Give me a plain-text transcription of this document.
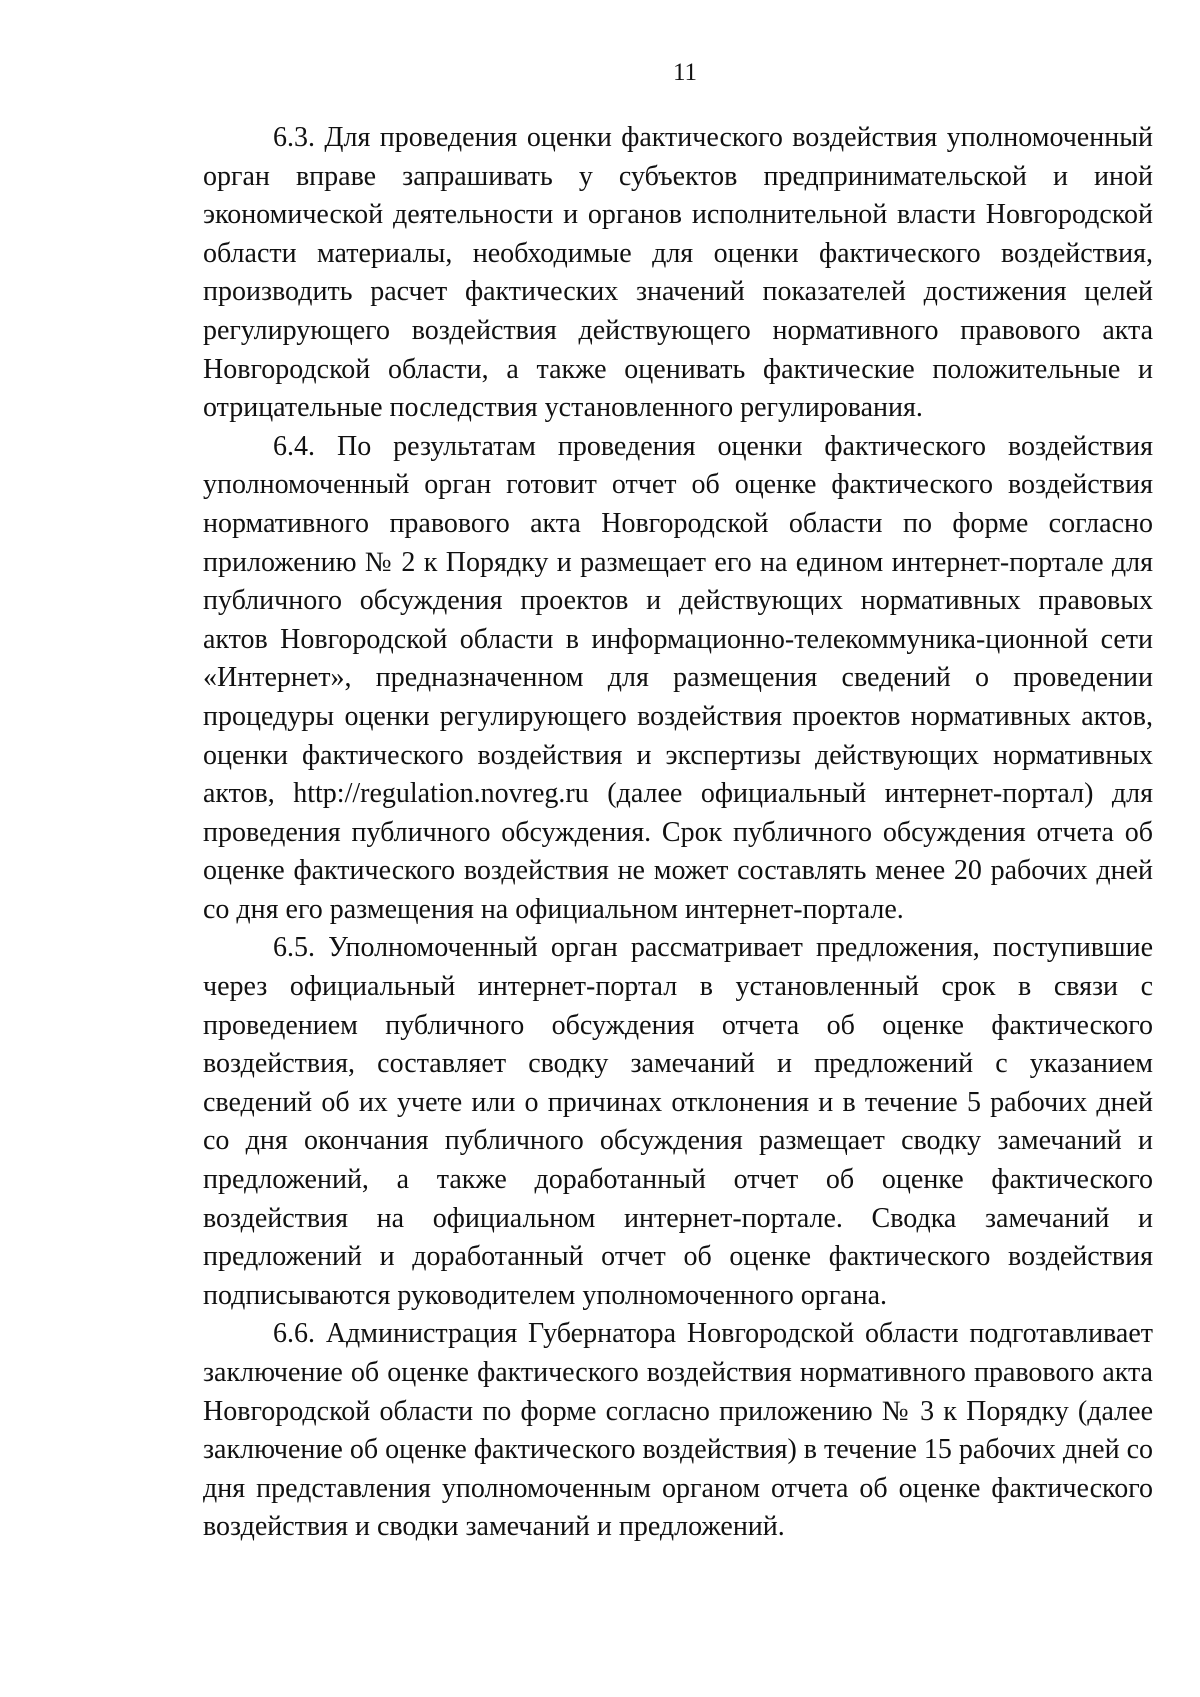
11

6.3. Для проведения оценки фактического воздействия уполномоченный орган вправе запрашивать у субъектов предпринимательской и иной экономической деятельности и органов исполнительной власти Новгородской области материалы, необходимые для оценки фактического воздействия, производить расчет фактических значений показателей достижения целей регулирующего воздействия действующего нормативного правового акта Новгородской области, а также оценивать фактические положительные и отрицательные последствия установленного регулирования.

6.4. По результатам проведения оценки фактического воздействия уполномоченный орган готовит отчет об оценке фактического воздействия нормативного правового акта Новгородской области по форме согласно приложению № 2 к Порядку и размещает его на едином интернет-портале для публичного обсуждения проектов и действующих нормативных правовых актов Новгородской области в информационно-телекоммуника-ционной сети «Интернет», предназначенном для размещения сведений о проведении процедуры оценки регулирующего воздействия проектов нормативных актов, оценки фактического воздействия и экспертизы действующих нормативных актов, http://regulation.novreg.ru (далее официальный интернет-портал) для проведения публичного обсуждения. Срок публичного обсуждения отчета об оценке фактического воздействия не может составлять менее 20 рабочих дней со дня его размещения на официальном интернет-портале.

6.5. Уполномоченный орган рассматривает предложения, поступившие через официальный интернет-портал в установленный срок в связи с проведением публичного обсуждения отчета об оценке фактического воздействия, составляет сводку замечаний и предложений с указанием сведений об их учете или о причинах отклонения и в течение 5 рабочих дней со дня окончания публичного обсуждения размещает сводку замечаний и предложений, а также доработанный отчет об оценке фактического воздействия на официальном интернет-портале. Сводка замечаний и предложений и доработанный отчет об оценке фактического воздействия подписываются руководителем уполномоченного органа.

6.6. Администрация Губернатора Новгородской области подготавливает заключение об оценке фактического воздействия нормативного правового акта Новгородской области по форме согласно приложению № 3 к Порядку (далее заключение об оценке фактического воздействия) в течение 15 рабочих дней со дня представления уполномоченным органом отчета об оценке фактического воздействия и сводки замечаний и предложений.
